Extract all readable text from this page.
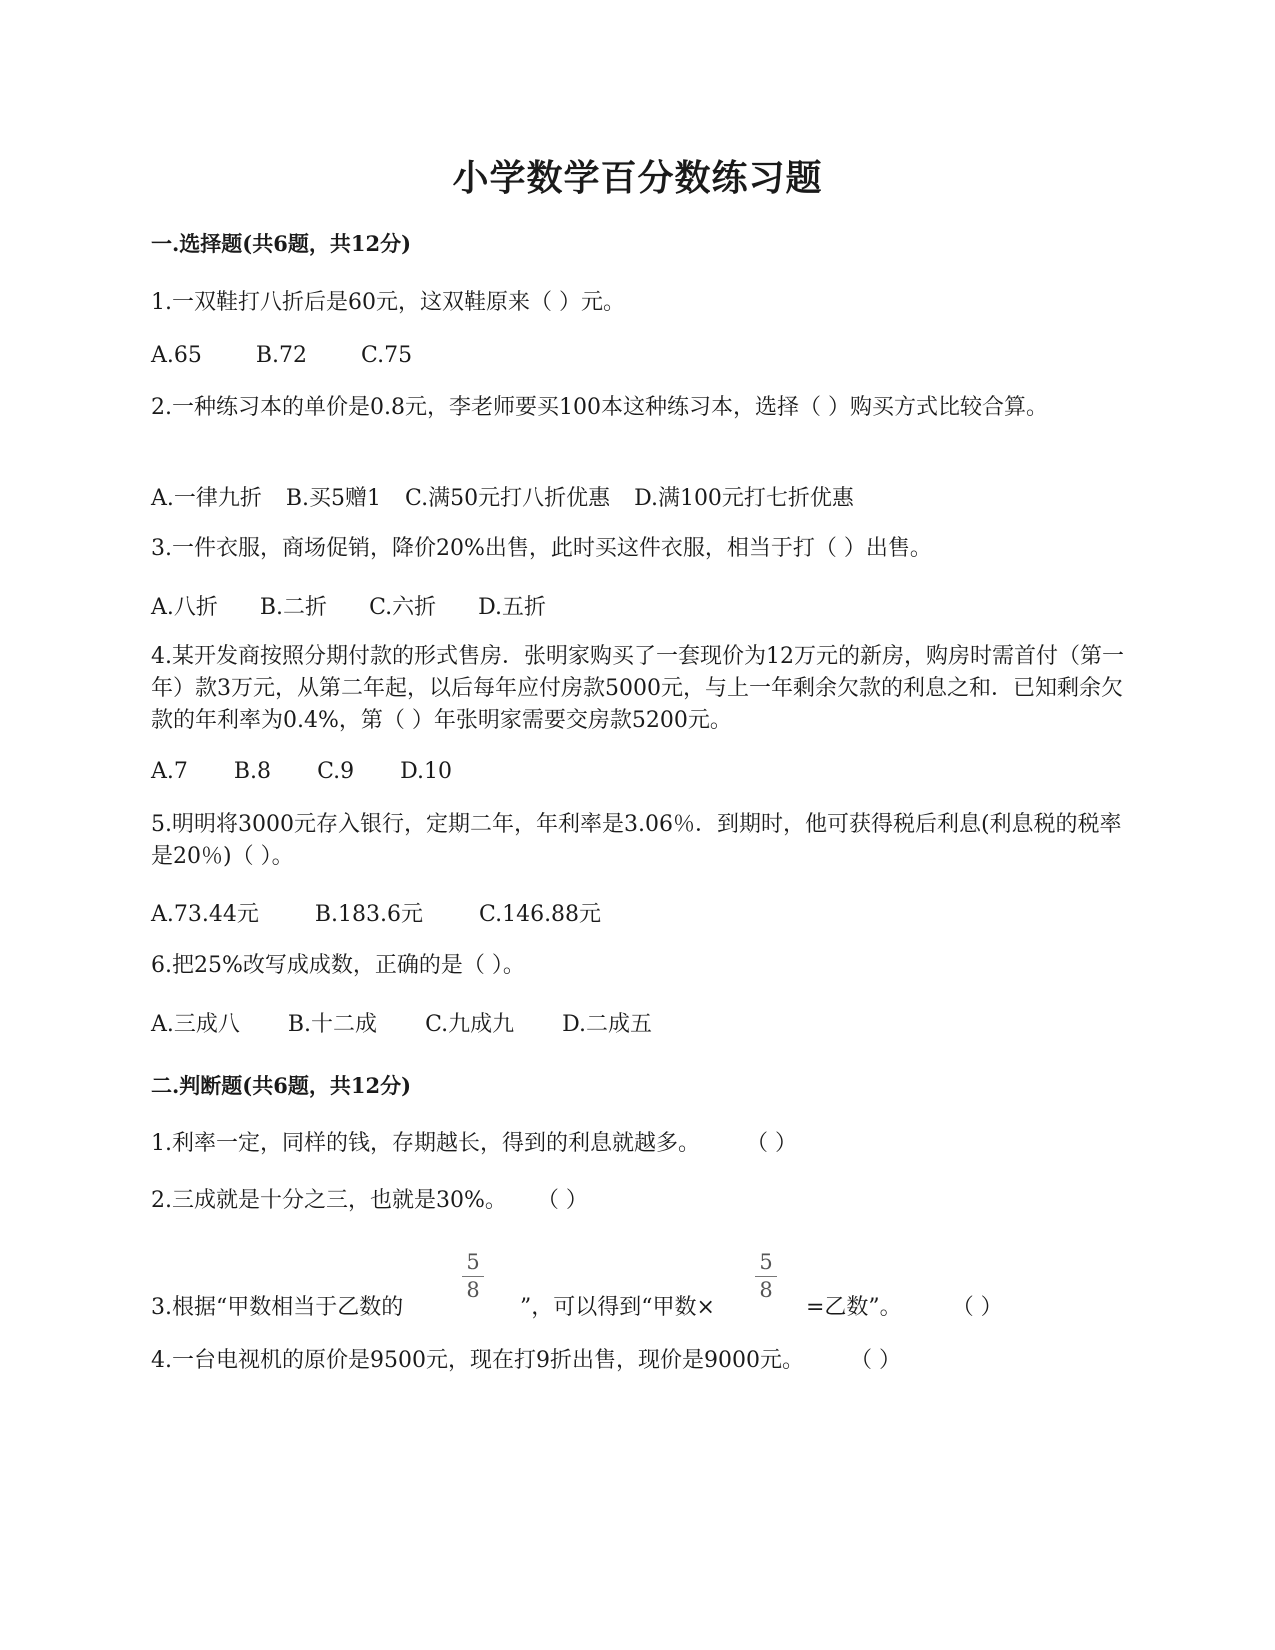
小学数学百分数练习题
一.选择题(共6题，共12分)
1.一双鞋打八折后是60元，这双鞋原来（ ）元。
A.65 B.72 C.75
2.一种练习本的单价是0.8元，李老师要买100本这种练习本，选择（ ）购买方式比较合算。
A.一律九折 B.买5赠1 C.满50元打八折优惠 D.满100元打七折优惠
3.一件衣服，商场促销，降价20%出售，此时买这件衣服，相当于打（ ）出售。
A.八折 B.二折 C.六折 D.五折
4.某开发商按照分期付款的形式售房．张明家购买了一套现价为12万元的新房，购房时需首付（第一年）款3万元，从第二年起，以后每年应付房款5000元，与上一年剩余欠款的利息之和．已知剩余欠款的年利率为0.4%，第（ ）年张明家需要交房款5200元。
A.7 B.8 C.9 D.10
5.明明将3000元存入银行，定期二年，年利率是3.06％．到期时，他可获得税后利息(利息税的税率是20％)（ ）。
A.73.44元	B.183.6元	C.146.88元
6.把25%改写成成数，正确的是（ ）。
A.三成八 B.十二成 C.九成九 D.二成五
二.判断题(共6题，共12分)
1.利率一定，同样的钱，存期越长，得到的利息就越多。 （ ）
2.三成就是十分之三，也就是30%。 （ ）
3.根据“甲数相当于乙数的
5
8
”，可以得到“甲数×
5
8
=乙数”。 （ ）
4.一台电视机的原价是9500元，现在打9折出售，现价是9000元。 （ ）
